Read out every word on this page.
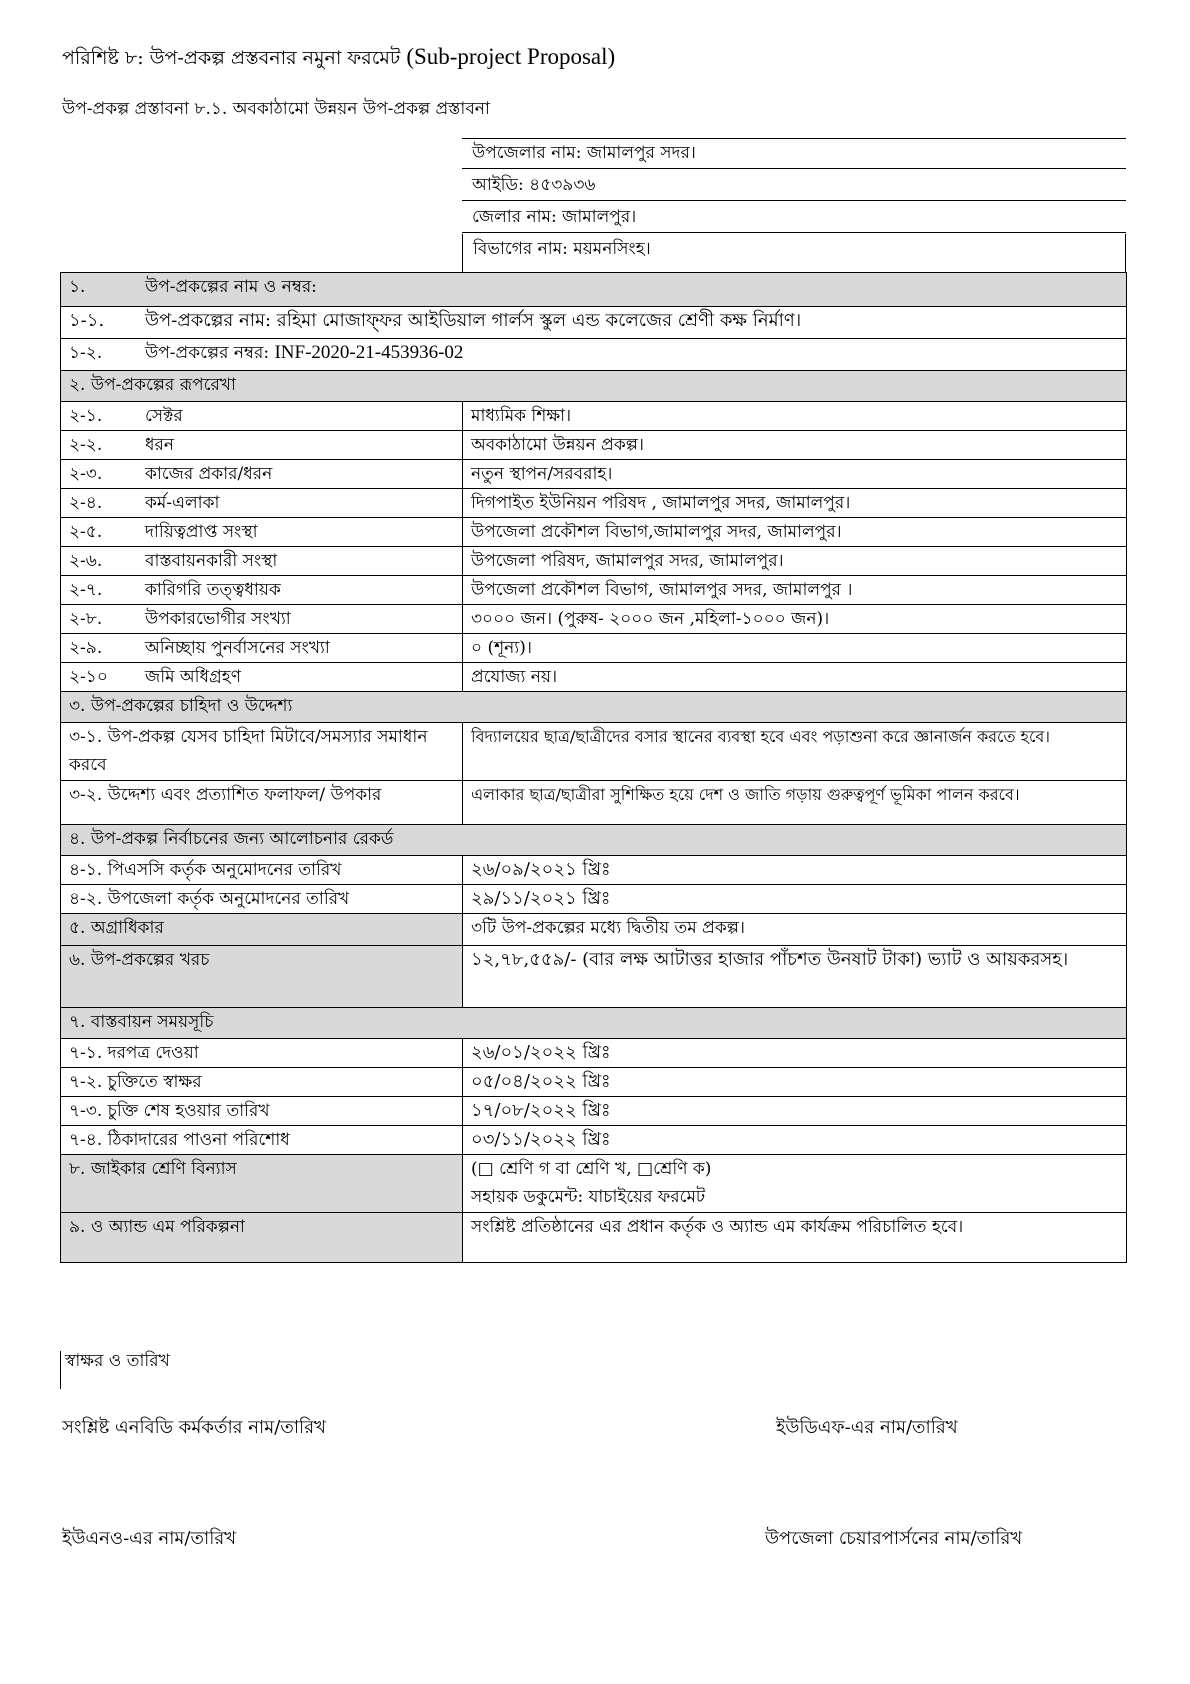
পরিশিষ্ট ৮: উপ-প্রকল্প প্রস্তবনার নমুনা ফরমেট (Sub-project Proposal)
উপ-প্রকল্প প্রস্তাবনা ৮.১. অবকাঠামো উন্নয়ন উপ-প্রকল্প প্রস্তাবনা
উপজেলার নাম: জামালপুর সদর।
আইডি: ৪৫৩৯৩৬
জেলার নাম: জামালপুর।
বিভাগের নাম: ময়মনসিংহ।
১. উপ-প্রকল্পের নাম ও নম্বর:	
১-১. উপ-প্রকল্পের নাম: রহিমা মোজাফ্ফর আইডিয়াল গার্লস স্কুল এন্ড কলেজের শ্রেণী কক্ষ নির্মাণ।	
১-২. উপ-প্রকল্পের নম্বর: INF-2020-21-453936-02	
২. উপ-প্রকল্পের রূপরেখা	
২-১. সেক্টর	মাধ্যমিক শিক্ষা।
২-২. ধরন	অবকাঠামো উন্নয়ন প্রকল্প।
২-৩. কাজের প্রকার/ধরন	নতুন স্থাপন/সরবরাহ।
২-৪. কর্ম-এলাকা	দিগপাইত ইউনিয়ন পরিষদ , জামালপুর সদর, জামালপুর।
২-৫. দায়িত্বপ্রাপ্ত সংস্থা	উপজেলা প্রকৌশল বিভাগ,জামালপুর সদর, জামালপুর।
২-৬. বাস্তবায়নকারী সংস্থা	উপজেলা পরিষদ, জামালপুর সদর, জামালপুর।
২-৭. কারিগরি তত্ত্বধায়ক	উপজেলা প্রকৌশল বিভাগ, জামালপুর সদর, জামালপুর ।
২-৮. উপকারভোগীর সংখ্যা	৩০০০ জন। (পুরুষ- ২০০০ জন ,মহিলা-১০০০ জন)।
২-৯. অনিচ্ছায় পুনর্বাসনের সংখ্যা	০ (শূন্য)।
২-১০ জমি অধিগ্রহণ	প্রযোজ্য নয়।
৩. উপ-প্রকল্পের চাহিদা ও উদ্দেশ্য	
৩-১. উপ-প্রকল্প যেসব চাহিদা মিটাবে/সমস্যার সমাধান করবে	বিদ্যালয়ের ছাত্র/ছাত্রীদের বসার স্থানের ব্যবস্থা হবে এবং পড়াশুনা করে জ্ঞানার্জন করতে হবে।
৩-২. উদ্দেশ্য এবং প্রত্যাশিত ফলাফল/ উপকার	এলাকার ছাত্র/ছাত্রীরা সুশিক্ষিত হয়ে দেশ ও জাতি গড়ায় গুরুত্বপূর্ণ ভূমিকা পালন করবে।
৪. উপ-প্রকল্প নির্বাচনের জন্য আলোচনার রেকর্ড	
৪-১. পিএসসি কর্তৃক অনুমোদনের তারিখ	২৬/০৯/২০২১ খ্রিঃ
৪-২. উপজেলা কর্তৃক অনুমোদনের তারিখ	২৯/১১/২০২১ খ্রিঃ
৫. অগ্রাধিকার	৩টি উপ-প্রকল্পের মধ্যে দ্বিতীয় তম প্রকল্প।
৬. উপ-প্রকল্পের খরচ	১২,৭৮,৫৫৯/- (বার লক্ষ আটাত্তর হাজার পাঁচশত উনষাট টাকা) ভ্যাট ও আয়করসহ।
৭. বাস্তবায়ন সময়সূচি	
৭-১. দরপত্র দেওয়া	২৬/০১/২০২২ খ্রিঃ
৭-২. চুক্তিতে স্বাক্ষর	০৫/০৪/২০২২ খ্রিঃ
৭-৩. চুক্তি শেষ হওয়ার তারিখ	১৭/০৮/২০২২ খ্রিঃ
৭-৪. ঠিকাদারের পাওনা পরিশোধ	০৩/১১/২০২২ খ্রিঃ
৮. জাইকার শ্রেণি বিন্যাস	(□ শ্রেণি গ বা শ্রেণি খ, □শ্রেণি ক)
সহায়ক ডকুমেন্ট: যাচাইয়ের ফরমেট

৯. ও অ্যান্ড এম পরিকল্পনা	সংশ্লিষ্ট প্রতিষ্ঠানের এর প্রধান কর্তৃক ও অ্যান্ড এম কার্যক্রম পরিচালিত হবে।
স্বাক্ষর ও তারিখ
সংশ্লিষ্ট এনবিডি কর্মকর্তার নাম/তারিখ	ইউডিএফ-এর নাম/তারিখ
ইউএনও-এর নাম/তারিখ	উপজেলা চেয়ারপার্সনের নাম/তারিখ
